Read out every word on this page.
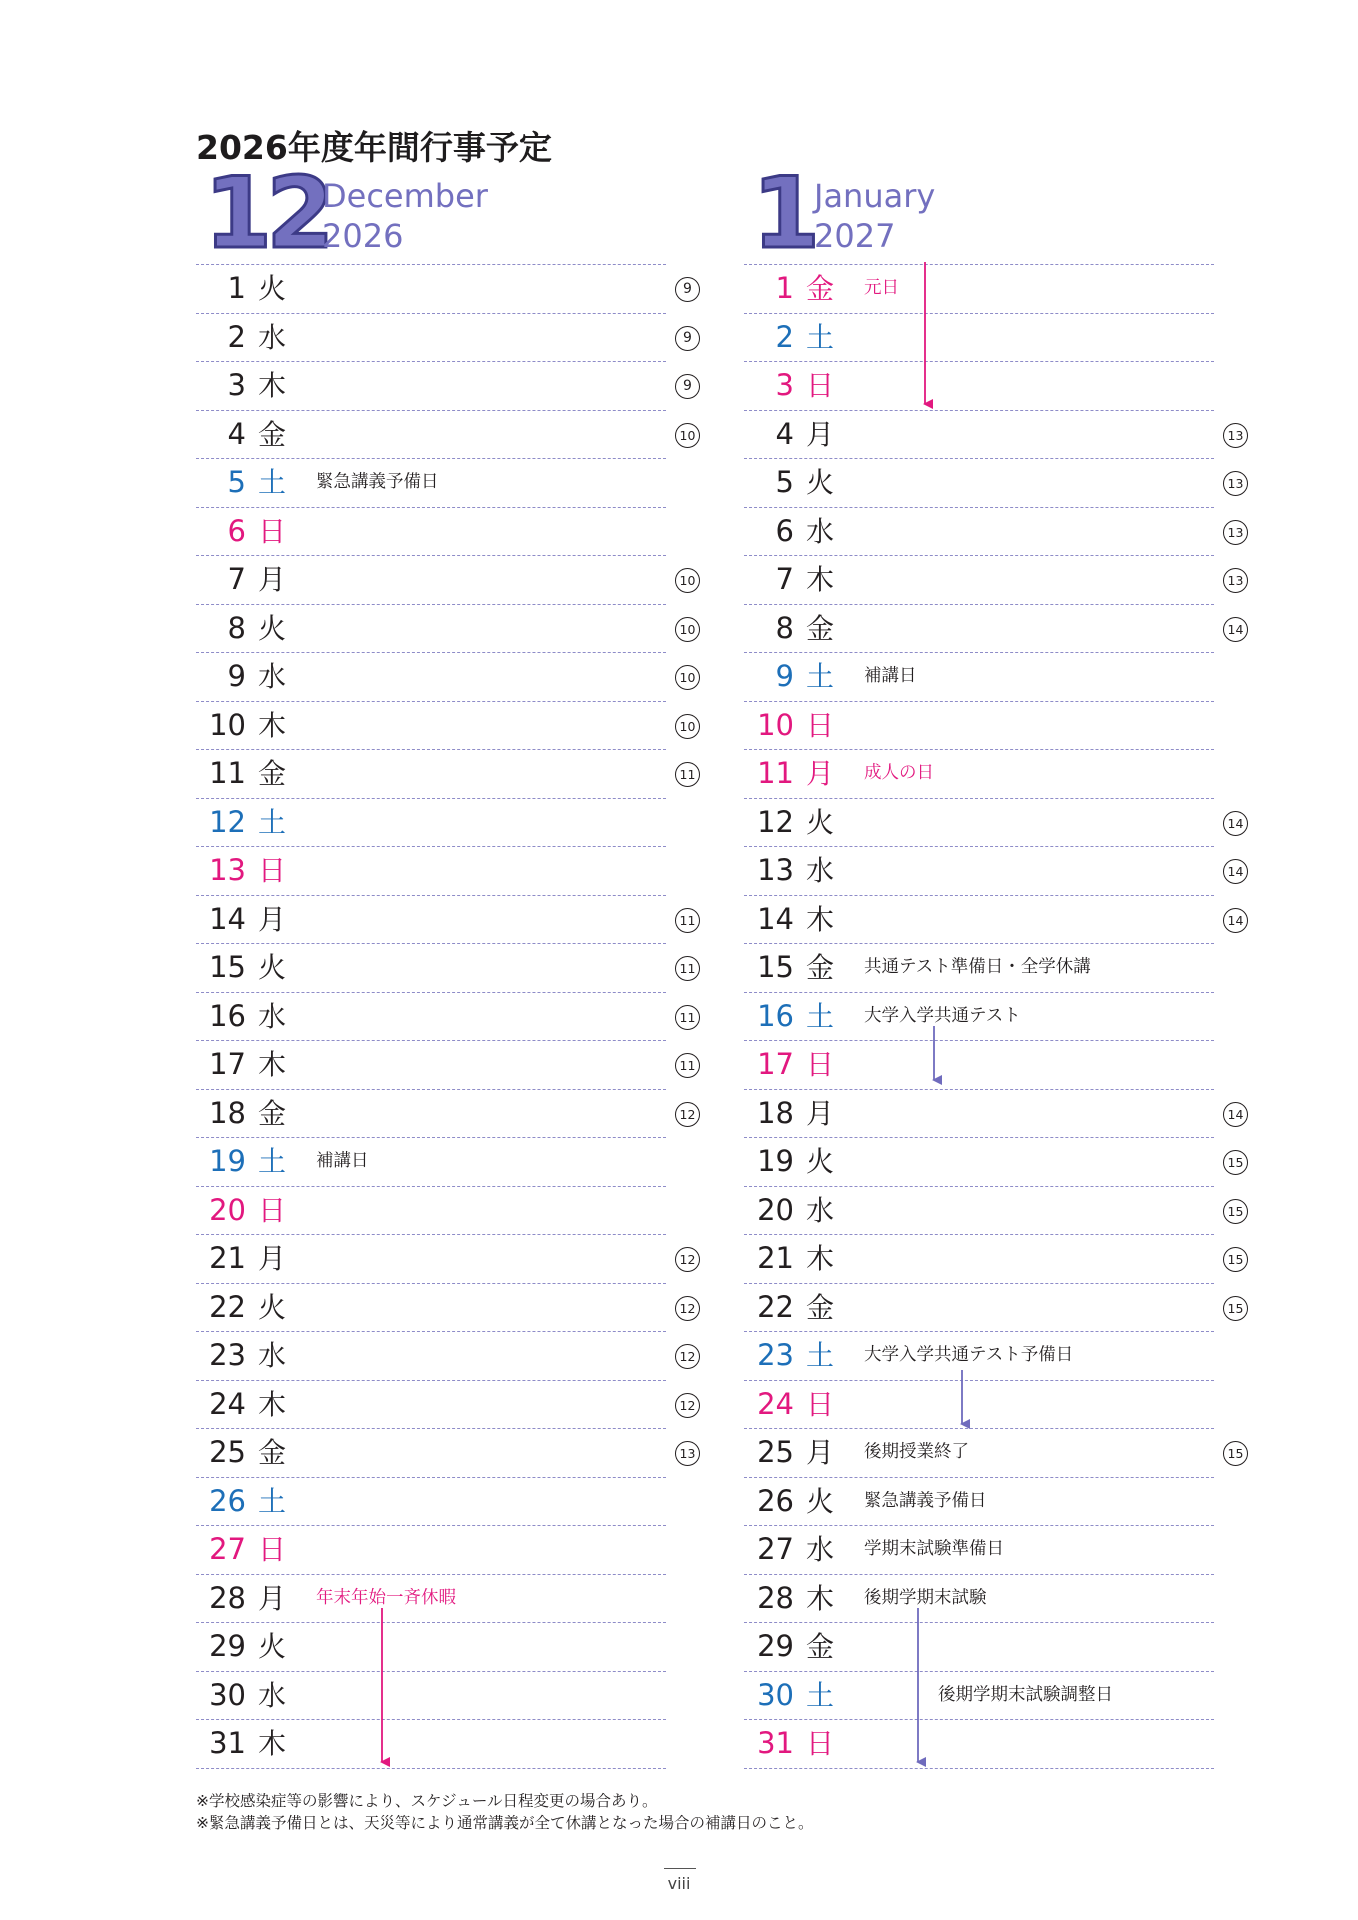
2026年度年間行事予定
12
December
2026
1 火	9
2 水	9
3 木	9
4 金	10
5 土 緊急講義予備日
6 日
7 月	10
8 火	10
9 水	10
10 木	10
11 金	11
12 土
13 日
14 月	11
15 火	11
16 水	11
17 木	11
18 金	12
19 土 補講日
20 日
21 月	12
22 火	12
23 水	12
24 木	12
25 金	13
26 土
27 日
28 月 年末年始一斉休暇
29 火
30 水
31 木
1 January
2027
1 金 元日
2 土
3 日
4 月	13
5 火	13
6 水	13
7 木	13
8 金	14
9 土 補講日
10 日
11 月 成人の日
12 火	14
13 水	14
14 木	14
15 金 共通テスト準備日・全学休講
16 土 大学入学共通テスト
17 日
18 月	14
19 火	15
20 水	15
21 木	15
22 金	15
23 土 大学入学共通テスト予備日
24 日
25 月 後期授業終了	15
26 火 緊急講義予備日
27 水 学期末試験準備日
28 木 後期学期末試験
29 金
30 土	後期学期末試験調整日
31 日
※学校感染症等の影響により、スケジュール日程変更の場合あり。
※緊急講義予備日とは、天災等により通常講義が全て休講となった場合の補講日のこと。
viii
